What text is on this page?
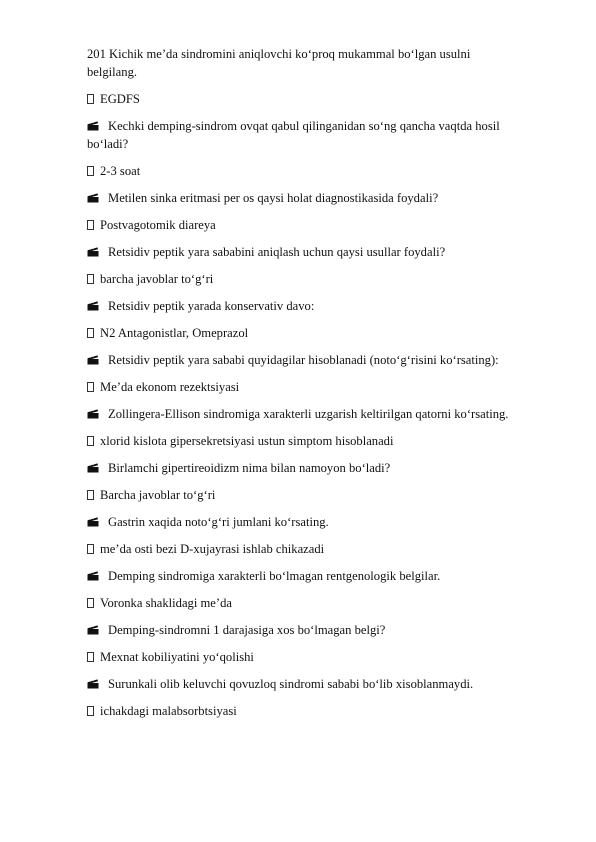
201 Kichik me’da sindromini aniqlovchi ko‘proq mukammal bo‘lgan usulni

belgilang.

EGDFS

Kechki demping-sindrom ovqat qabul qilinganidan so‘ng qancha vaqtda hosil

bo‘ladi?

2-3 soat

Metilen sinka eritmasi per os qaysi holat diagnostikasida foydali?

Postvagotomik diareya

Retsidiv peptik yara sababini aniqlash uchun qaysi usullar foydali?

barcha javoblar to‘g‘ri

Retsidiv peptik yarada konservativ davo:

N2 Antagonistlar, Omeprazol

Retsidiv peptik yara sababi quyidagilar hisoblanadi (noto‘g‘risini ko‘rsating):

Me’da ekonom rezektsiyasi

Zollingera-Ellison sindromiga xarakterli uzgarish keltirilgan qatorni ko‘rsating.

xlorid kislota gipersekretsiyasi ustun simptom hisoblanadi

Birlamchi gipertireoidizm nima bilan namoyon bo‘ladi?

Barcha javoblar to‘g‘ri

Gastrin xaqida noto‘g‘ri jumlani ko‘rsating.

me’da osti bezi D-xujayrasi ishlab chikazadi

Demping sindromiga xarakterli bo‘lmagan rentgenologik belgilar.

Voronka shaklidagi me’da

Demping-sindromni 1 darajasiga xos bo‘lmagan belgi?

Mexnat kobiliyatini yo‘qolishi

Surunkali olib keluvchi qovuzloq sindromi sababi bo‘lib xisoblanmaydi.

ichakdagi malabsorbtsiyasi
